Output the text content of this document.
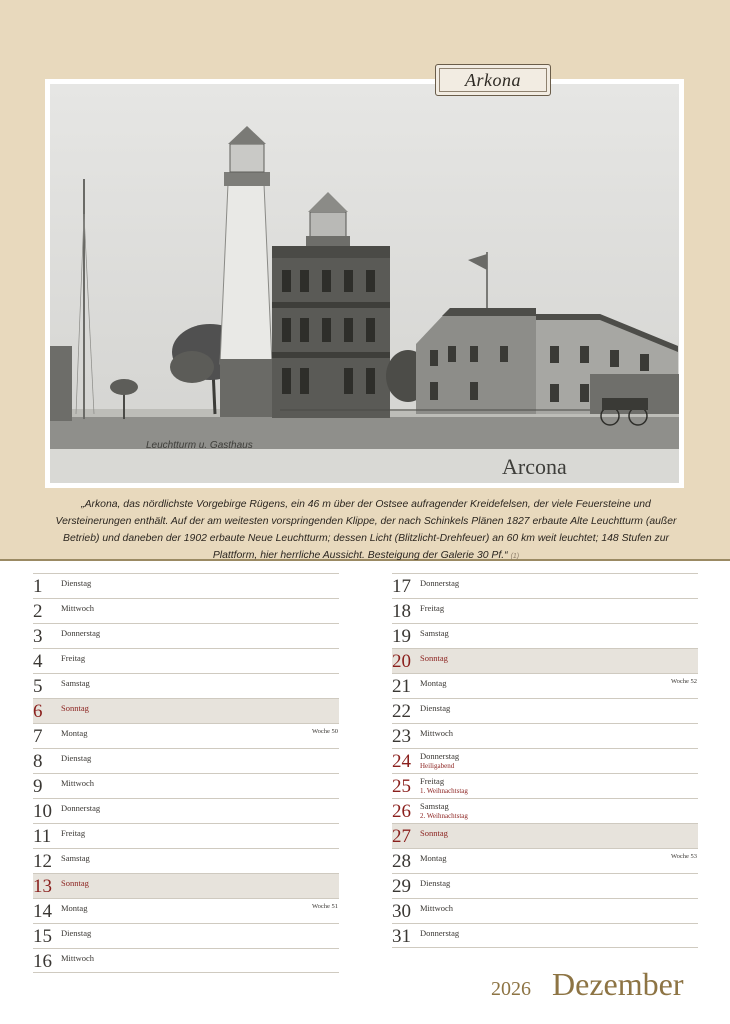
Leuchtturm u. Gasthaus
Arcona
Arkona
„Arkona, das nördlichste Vorgebirge Rügens, ein 46 m über der Ostsee aufragender Kreidefelsen, der viele Feuersteine und Versteinerungen enthält. Auf der am weitesten vorspringenden Klippe, der nach Schinkels Plänen 1827 erbaute Alte Leuchtturm (außer Betrieb) und daneben der 1902 erbaute Neue Leuchtturm; dessen Licht (Blitzlicht-Drehfeuer) an 60 km weit leuchtet; 148 Stufen zur Plattform, hier herrliche Aussicht. Besteigung der Galerie 30 Pf.“ (1)
1	Dienstag
2	Mittwoch
3	Donnerstag
4	Freitag
5	Samstag
6	Sonntag
7	Montag	Woche 50
8	Dienstag
9	Mittwoch
10	Donnerstag
11	Freitag
12	Samstag
13	Sonntag
14	Montag	Woche 51
15	Dienstag
16	Mittwoch
17	Donnerstag
18	Freitag
19	Samstag
20	Sonntag
21	Montag	Woche 52
22	Dienstag
23	Mittwoch
24	Donnerstag
Heiligabend
25	Freitag
1. Weihnachtstag
26	Samstag
2. Weihnachtstag
27	Sonntag
28	Montag	Woche 53
29	Dienstag
30	Mittwoch
31	Donnerstag
2026 Dezember
